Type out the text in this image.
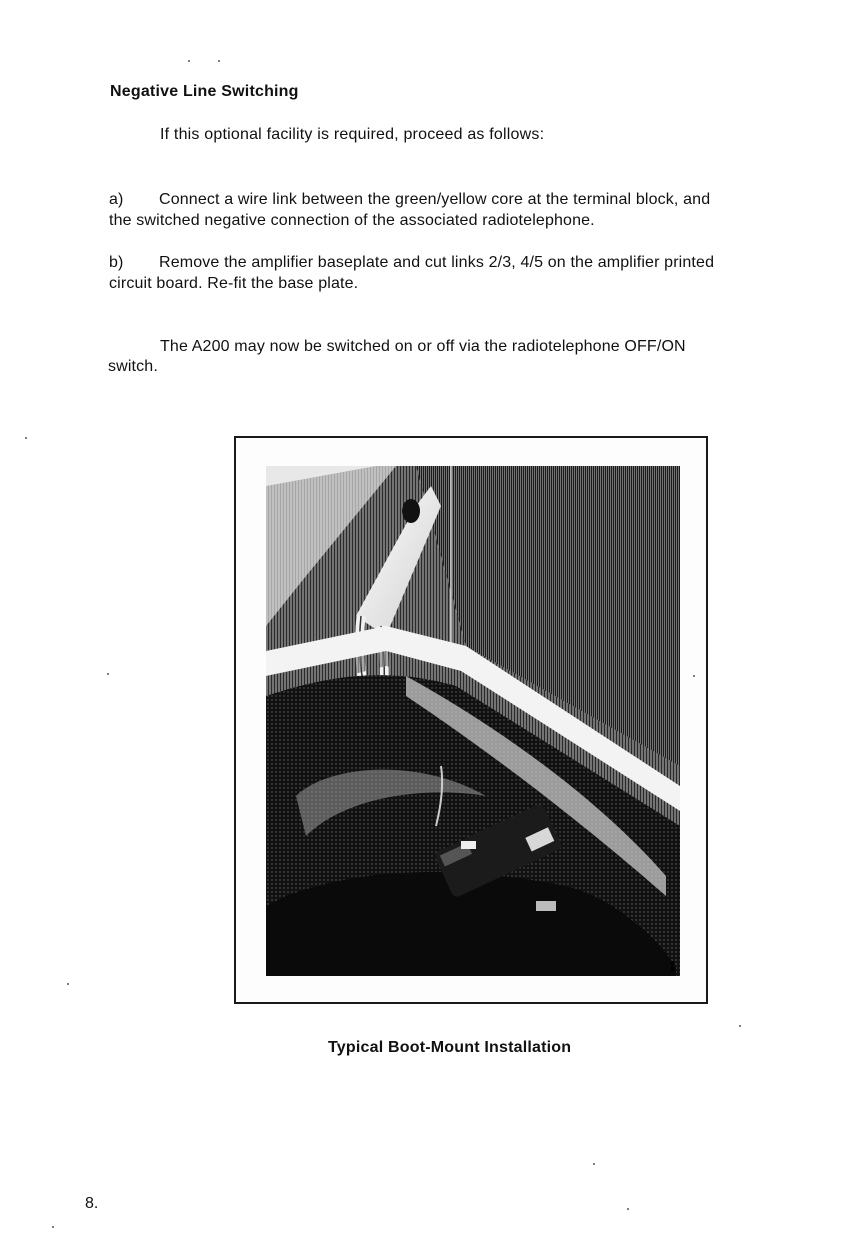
Negative Line Switching
If this optional facility is required, proceed as follows:
a) Connect a wire link between the green/yellow core at the terminal block, and
the switched negative connection of the associated radiotelephone.
b) Remove the amplifier baseplate and cut links 2/3, 4/5 on the amplifier printed
circuit board. Re-fit the base plate.
The A200 may now be switched on or off via the radiotelephone OFF/ON
switch.
Typical Boot-Mount Installation
8.
